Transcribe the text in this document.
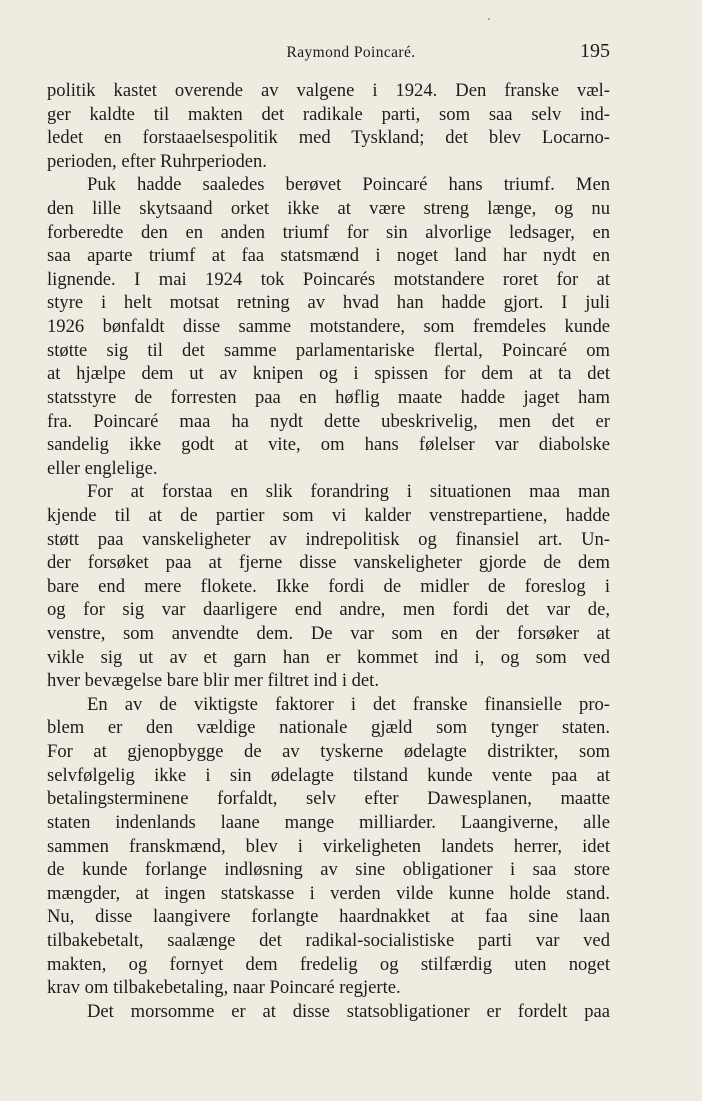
Raymond Poincaré.	195
politik kastet overende av valgene i 1924. Den franske væl-
ger kaldte til makten det radikale parti, som saa selv ind-
ledet en forstaaelsespolitik med Tyskland; det blev Locarno-
perioden, efter Ruhrperioden.
Puk hadde saaledes berøvet Poincaré hans triumf. Men
den lille skytsaand orket ikke at være streng længe, og nu
forberedte den en anden triumf for sin alvorlige ledsager, en
saa aparte triumf at faa statsmænd i noget land har nydt en
lignende. I mai 1924 tok Poincarés motstandere roret for at
styre i helt motsat retning av hvad han hadde gjort. I juli
1926 bønfaldt disse samme motstandere, som fremdeles kunde
støtte sig til det samme parlamentariske flertal, Poincaré om
at hjælpe dem ut av knipen og i spissen for dem at ta det
statsstyre de forresten paa en høflig maate hadde jaget ham
fra. Poincaré maa ha nydt dette ubeskrivelig, men det er
sandelig ikke godt at vite, om hans følelser var diabolske
eller englelige.
For at forstaa en slik forandring i situationen maa man
kjende til at de partier som vi kalder venstrepartiene, hadde
støtt paa vanskeligheter av indrepolitisk og finansiel art. Un-
der forsøket paa at fjerne disse vanskeligheter gjorde de dem
bare end mere flokete. Ikke fordi de midler de foreslog i
og for sig var daarligere end andre, men fordi det var de,
venstre, som anvendte dem. De var som en der forsøker at
vikle sig ut av et garn han er kommet ind i, og som ved
hver bevægelse bare blir mer filtret ind i det.
En av de viktigste faktorer i det franske finansielle pro-
blem er den vældige nationale gjæld som tynger staten.
For at gjenopbygge de av tyskerne ødelagte distrikter, som
selvfølgelig ikke i sin ødelagte tilstand kunde vente paa at
betalingsterminene forfaldt, selv efter Dawesplanen, maatte
staten indenlands laane mange milliarder. Laangiverne, alle
sammen franskmænd, blev i virkeligheten landets herrer, idet
de kunde forlange indløsning av sine obligationer i saa store
mængder, at ingen statskasse i verden vilde kunne holde stand.
Nu, disse laangivere forlangte haardnakket at faa sine laan
tilbakebetalt, saalænge det radikal-socialistiske parti var ved
makten, og fornyet dem fredelig og stilfærdig uten noget
krav om tilbakebetaling, naar Poincaré regjerte.
Det morsomme er at disse statsobligationer er fordelt paa
